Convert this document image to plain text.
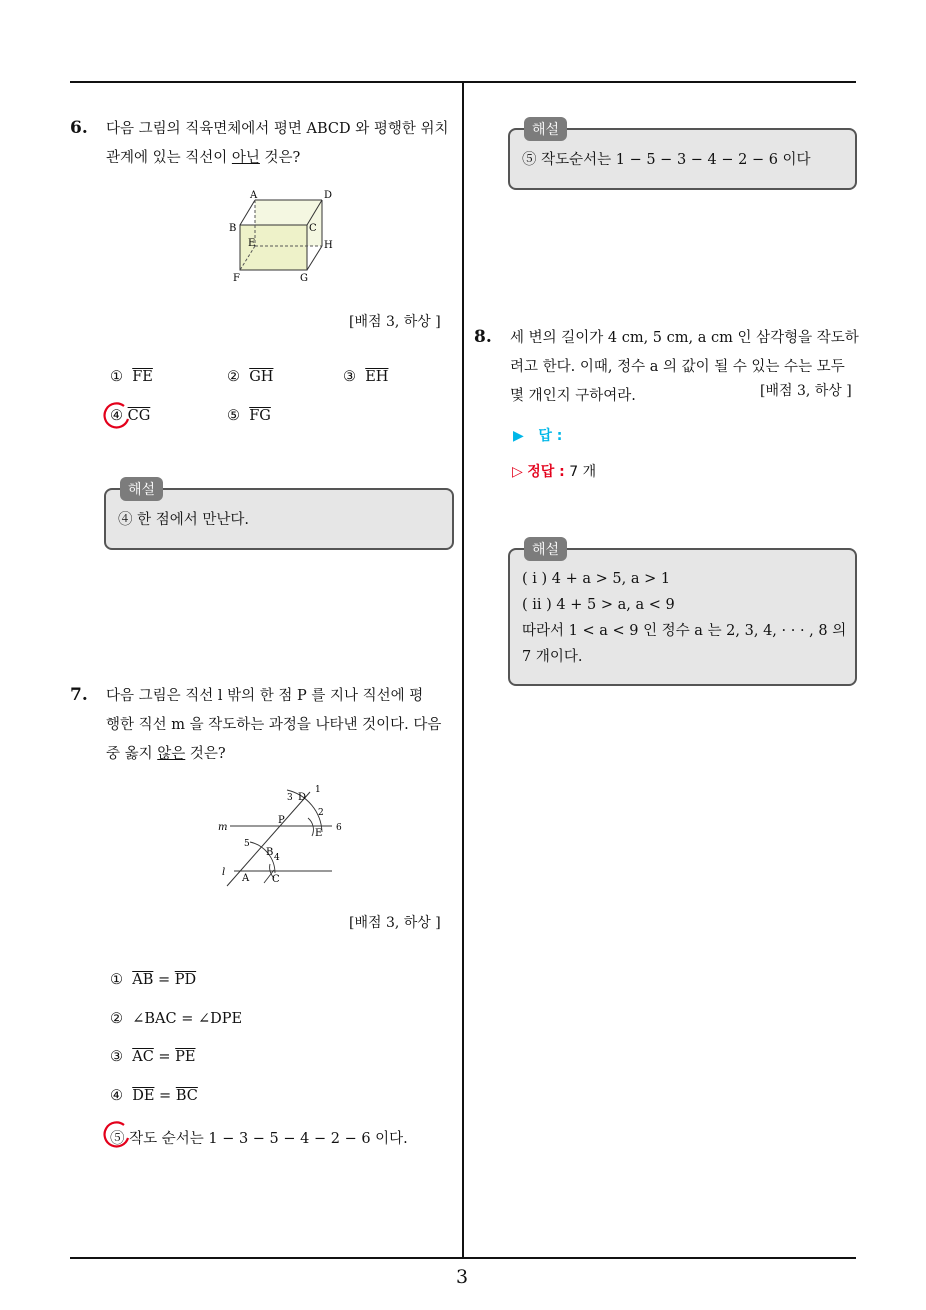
3
6. 다음 그림의 직육면체에서 평면 ABCD 와 평행한 위치
관계에 있는 직선이 아닌 것은?
A	D
B	C
E	H
F	G
[배점 3, 하상 ]
① $\overline{FE}$	② $\overline{GH}$	③ $\overline{EH}$
④ $\overline{CG}$	⑤ $\overline{FG}$
해설
④ 한 점에서 만난다.
7. 다음 그림은 직선 l 밖의 한 점 P 를 지나 직선에 평
행한 직선 m 을 작도하는 과정을 나타낸 것이다. 다음
중 옳지 않은 것은?
m
l
P
D
E
A
B
C
1
2
3
4
5
6
[배점 3, 하상 ]
① $\overline{AB} = \overline{PD}$
② ∠BAC = ∠DPE
③ $\overline{AC} = \overline{PE}$
④ $\overline{DE} = \overline{BC}$
⑤ 작도 순서는 1 − 3 − 5 − 4 − 2 − 6 이다.
해설
⑤ 작도순서는 1 − 5 − 3 − 4 − 2 − 6 이다
8. 세 변의 길이가 4 cm, 5 cm, a cm 인 삼각형을 작도하
려고 한다. 이때, 정수 a 의 값이 될 수 있는 수는 모두
몇 개인지 구하여라.	[배점 3, 하상 ]
▶ 답 :
▷ 정답 : 7 개
해설
( i ) 4 + a > 5, a > 1
( ii ) 4 + 5 > a, a < 9
따라서 1 < a < 9 인 정수 a 는 2, 3, 4, · · · , 8 의
7 개이다.
